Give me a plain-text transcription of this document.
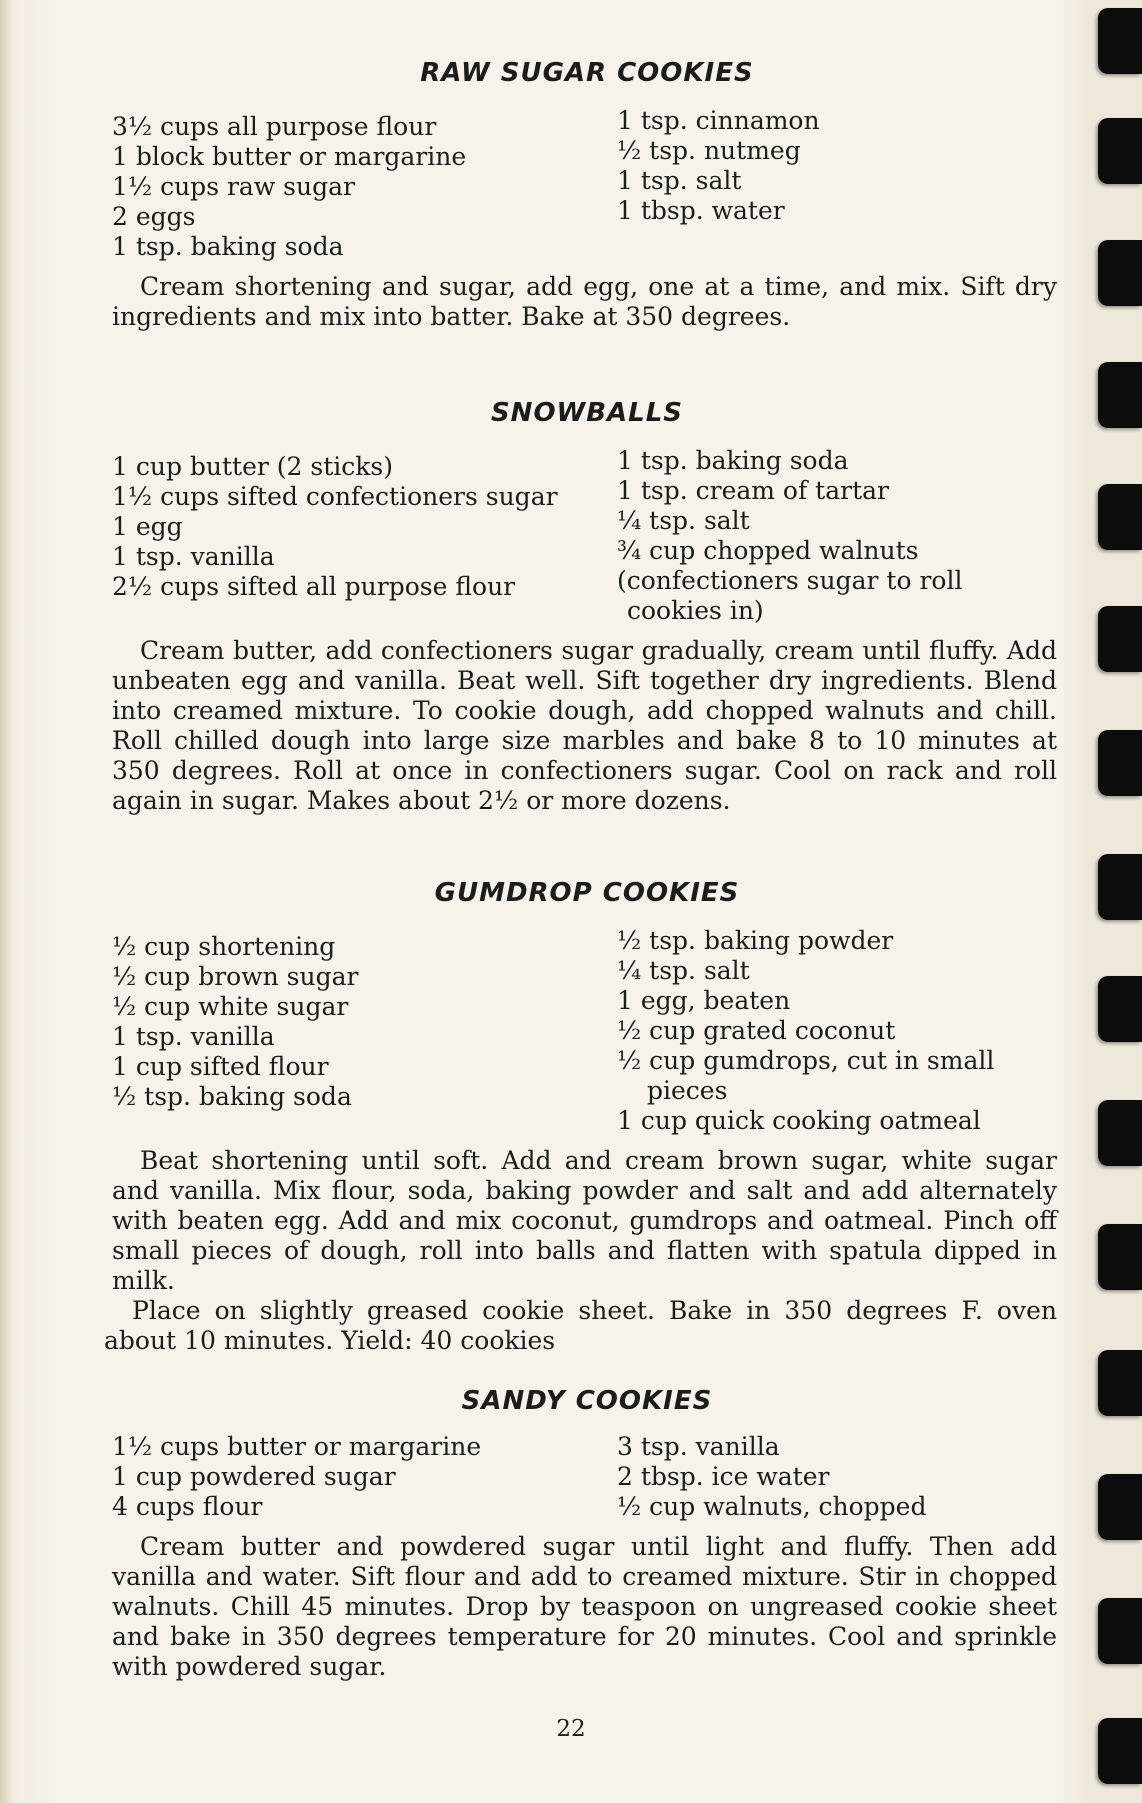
RAW SUGAR COOKIES
3½ cups all purpose flour
1 block butter or margarine
1½ cups raw sugar
2 eggs
1 tsp. baking soda
1 tsp. cinnamon
½ tsp. nutmeg
1 tsp. salt
1 tbsp. water

Cream shortening and sugar, add egg, one at a time, and mix. Sift dry ingredients and mix into batter. Bake at 350 degrees.

SNOWBALLS
1 cup butter (2 sticks)
1½ cups sifted confectioners sugar
1 egg
1 tsp. vanilla
2½ cups sifted all purpose flour
1 tsp. baking soda
1 tsp. cream of tartar
¼ tsp. salt
¾ cup chopped walnuts
(confectioners sugar to roll
cookies in)

Cream butter, add confectioners sugar gradually, cream until fluffy. Add unbeaten egg and vanilla. Beat well. Sift together dry ingredients. Blend into creamed mixture. To cookie dough, add chopped walnuts and chill. Roll chilled dough into large size marbles and bake 8 to 10 minutes at 350 degrees. Roll at once in confectioners sugar. Cool on rack and roll again in sugar. Makes about 2½ or more dozens.

GUMDROP COOKIES
½ cup shortening
½ cup brown sugar
½ cup white sugar
1 tsp. vanilla
1 cup sifted flour
½ tsp. baking soda
½ tsp. baking powder
¼ tsp. salt
1 egg, beaten
½ cup grated coconut
½ cup gumdrops, cut in small
pieces
1 cup quick cooking oatmeal

Beat shortening until soft. Add and cream brown sugar, white sugar and vanilla. Mix flour, soda, baking powder and salt and add alternately with beaten egg. Add and mix coconut, gumdrops and oatmeal. Pinch off small pieces of dough, roll into balls and flatten with spatula dipped in milk.

Place on slightly greased cookie sheet. Bake in 350 degrees F. oven about 10 minutes. Yield: 40 cookies

SANDY COOKIES
1½ cups butter or margarine
1 cup powdered sugar
4 cups flour
3 tsp. vanilla
2 tbsp. ice water
½ cup walnuts, chopped

Cream butter and powdered sugar until light and fluffy. Then add vanilla and water. Sift flour and add to creamed mixture. Stir in chopped walnuts. Chill 45 minutes. Drop by teaspoon on ungreased cookie sheet and bake in 350 degrees temperature for 20 minutes. Cool and sprinkle with powdered sugar.

22
